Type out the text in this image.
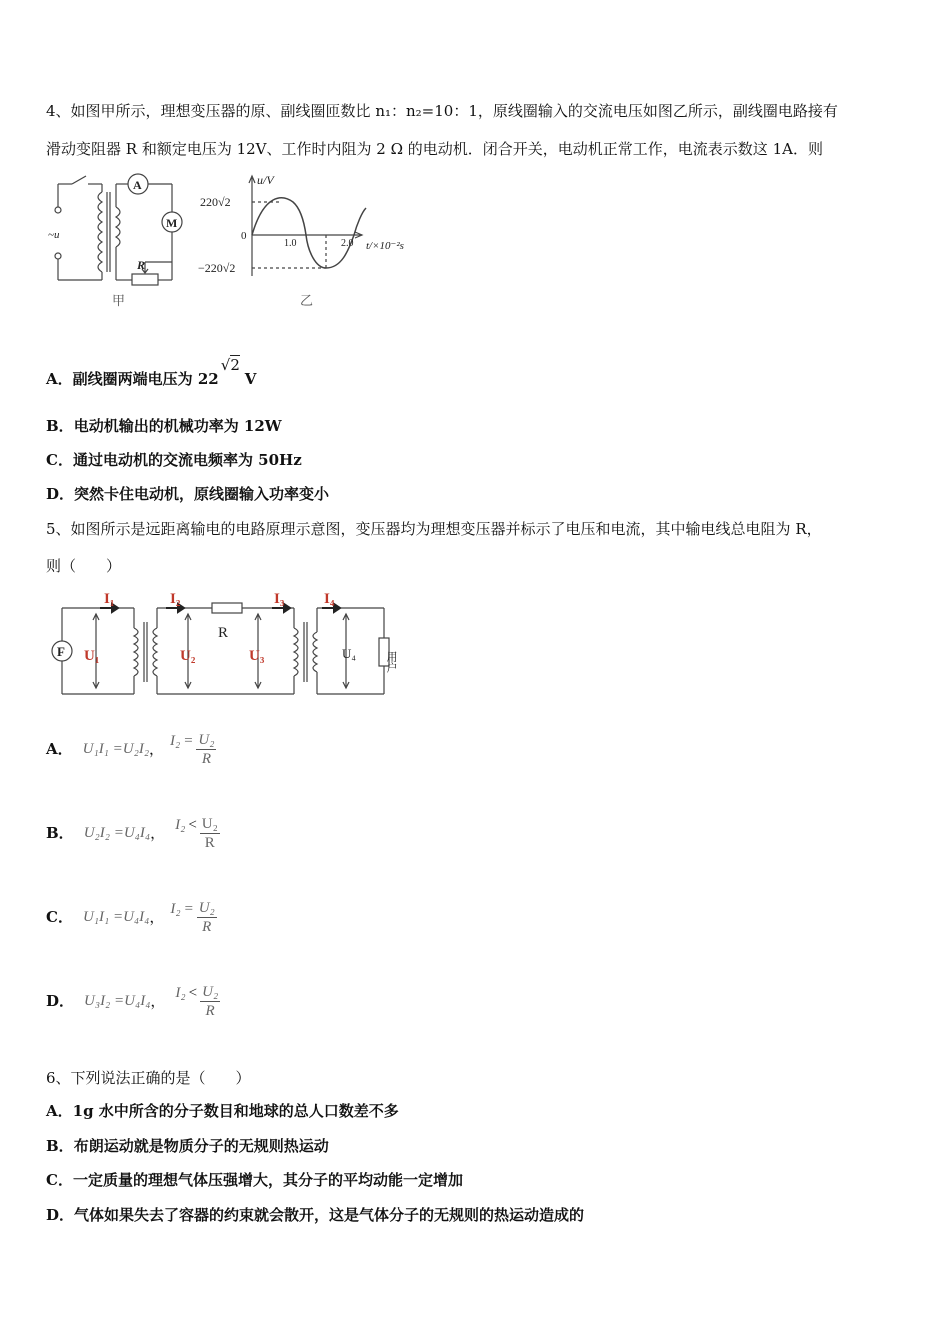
4、如图甲所示，理想变压器的原、副线圈匝数比 n₁：n₂=10：1，原线圈输入的交流电压如图乙所示，副线圈电路接有
滑动变阻器 R 和额定电压为 12V、工作时内阻为 2 Ω 的电动机．闭合开关，电动机正常工作，电流表示数这 1A．则
A
M
R
~u
甲
u/V
t/×10⁻²s
220√2
−220√2
0
1.0	2.0
乙
A．副线圈两端电压为 22
√2
V
B．电动机输出的机械功率为 12W
C．通过电动机的交流电频率为 50Hz
D．突然卡住电动机，原线圈输入功率变小
5、如图所示是远距离输电的电路原理示意图，变压器均为理想变压器并标示了电压和电流，其中输电线总电阻为 R，
则（　　）
F
I₁	I₂	I₃	I₄
U₁	U₂	U₃	U₄
R
用户
A． U₁I₁ =U₂I₂ ， $I_2 = \frac{\text{U₂}}{R}$
B． U₂I₂ =U₄I₄ ， $I_2 < \frac{\text{U₂}}{R}$
C． U₁I₁ =U₄I₄ ， $I_2 = \frac{\text{U₂}}{R}$
D． U₃I₂ =U₄I₄ ， $I_2 < \frac{\text{U₂}}{R}$
6、下列说法正确的是（　　）
A．1g 水中所含的分子数目和地球的总人口数差不多
B．布朗运动就是物质分子的无规则热运动
C．一定质量的理想气体压强增大，其分子的平均动能一定增加
D．气体如果失去了容器的约束就会散开，这是气体分子的无规则的热运动造成的
